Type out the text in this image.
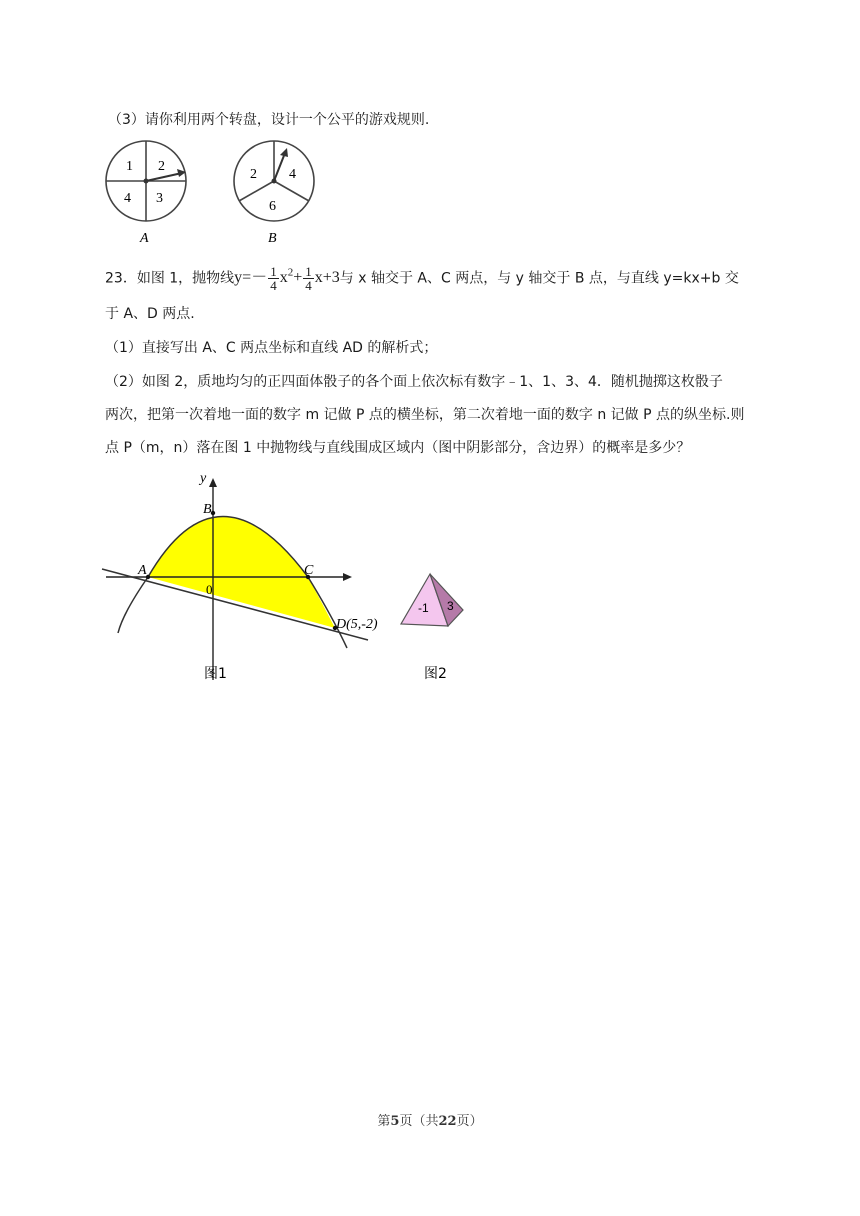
（3）请你利用两个转盘，设计一个公平的游戏规则.
1 2
4 3
A
2 4
6
B
23．如图 1，抛物线$y=- \frac{1}{4} x^2+ \frac{1}{4} x+3$与 x 轴交于 A、C 两点，与 y 轴交于 B 点，与直线 y=kx+b 交
于 A、D 两点.
（1）直接写出 A、C 两点坐标和直线 AD 的解析式；
（2）如图 2，质地均匀的正四面体骰子的各个面上依次标有数字﹣1、1、3、4．随机抛掷这枚骰子
两次，把第一次着地一面的数字 m 记做 P 点的横坐标，第二次着地一面的数字 n 记做 P 点的纵坐标.则
点 P（m，n）落在图 1 中抛物线与直线围成区域内（图中阴影部分，含边界）的概率是多少？
y
B
A	C
0
D(5,-2)
图1
-1 3
图2
第5页（共22页）
